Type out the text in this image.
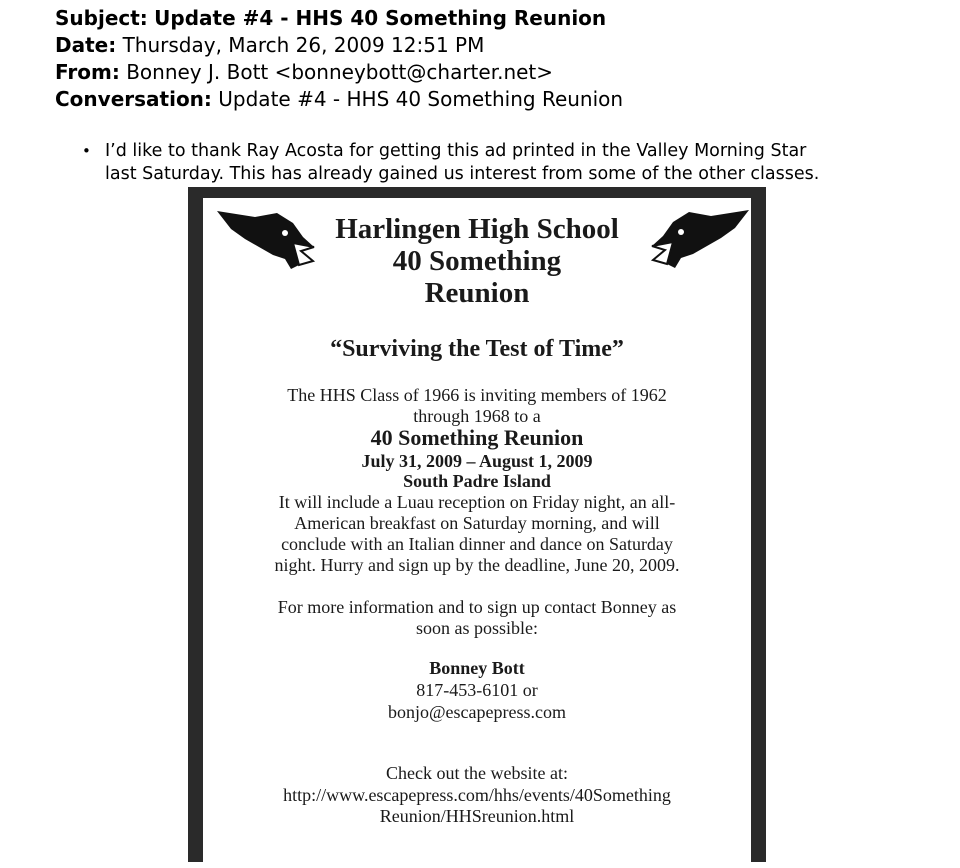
Subject: Update #4 - HHS 40 Something Reunion
Date: Thursday, March 26, 2009 12:51 PM
From: Bonney J. Bott <bonneybott@charter.net>
Conversation: Update #4 - HHS 40 Something Reunion
• I’d like to thank Ray Acosta for getting this ad printed in the Valley Morning Star
last Saturday. This has already gained us interest from some of the other classes.
Harlingen High School
40 Something
Reunion
“Surviving the Test of Time”
The HHS Class of 1966 is inviting members of 1962
through 1968 to a
40 Something Reunion
July 31, 2009 – August 1, 2009
South Padre Island
It will include a Luau reception on Friday night, an all-
American breakfast on Saturday morning, and will
conclude with an Italian dinner and dance on Saturday
night. Hurry and sign up by the deadline, June 20, 2009.
For more information and to sign up contact Bonney as
soon as possible:
Bonney Bott
817-453-6101 or
bonjo@escapepress.com
Check out the website at:
http://www.escapepress.com/hhs/events/40Something
Reunion/HHSreunion.html
